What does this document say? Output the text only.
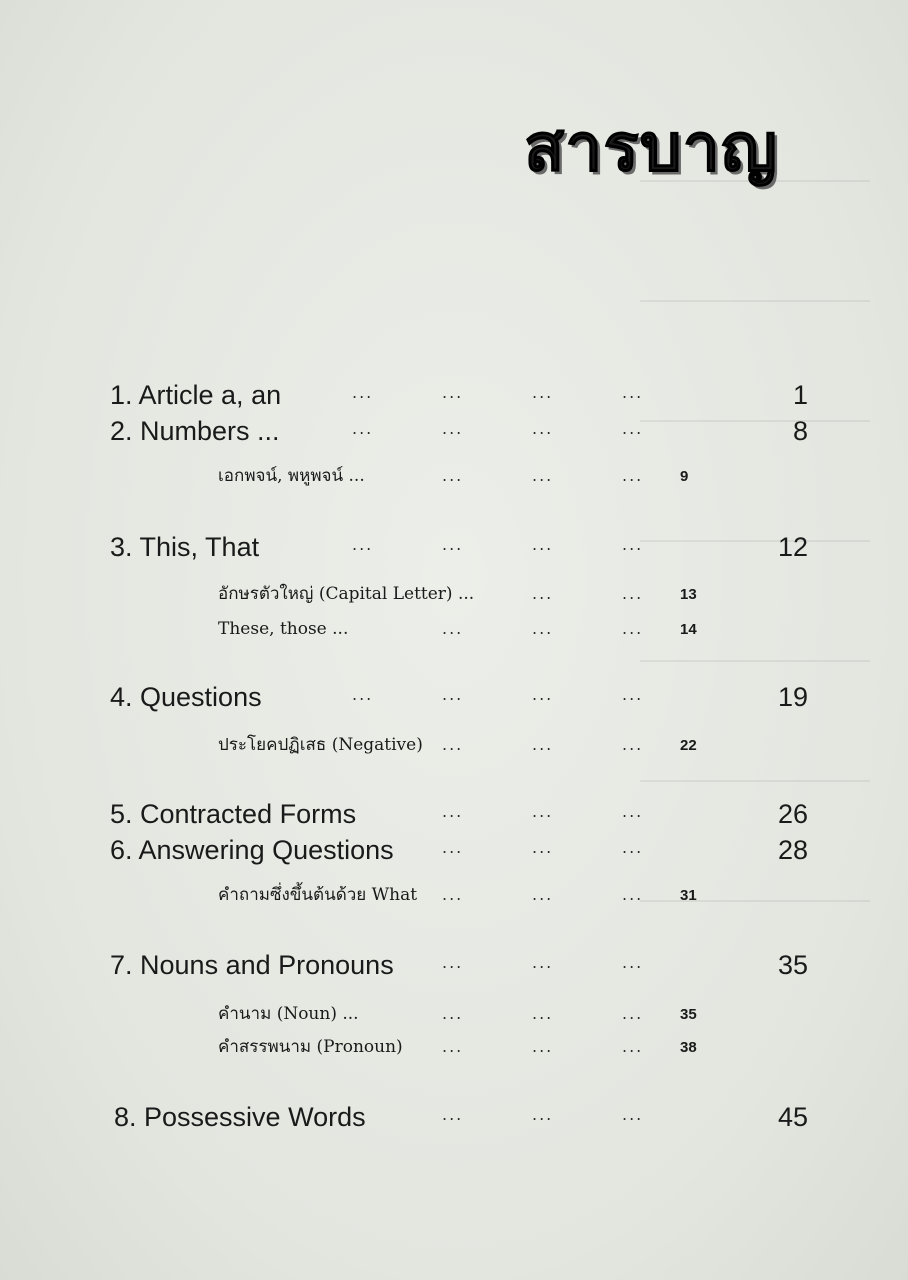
สารบาญ
1. Article a, an	...	...	...	...	1
2. Numbers ...	...	...	...	...	8
เอกพจน์, พหูพจน์ ...	...	...	... 9
3. This, That	...	...	...	...	12
อักษรตัวใหญ่ (Capital Letter) ...	...	... 13
These, those ...	...	...	... 14
4. Questions	...	...	...	...	19
ประโยคปฏิเสธ (Negative) ...	...	... 22
5. Contracted Forms	...	...	...	26
6. Answering Questions	...	...	...	28
คำถามซึ่งขึ้นต้นด้วย What ...	...	... 31
7. Nouns and Pronouns	...	...	...	35
คำนาม (Noun) ...	...	...	... 35
คำสรรพนาม (Pronoun) ...	...	... 38
8. Possessive Words	...	...	...	45
